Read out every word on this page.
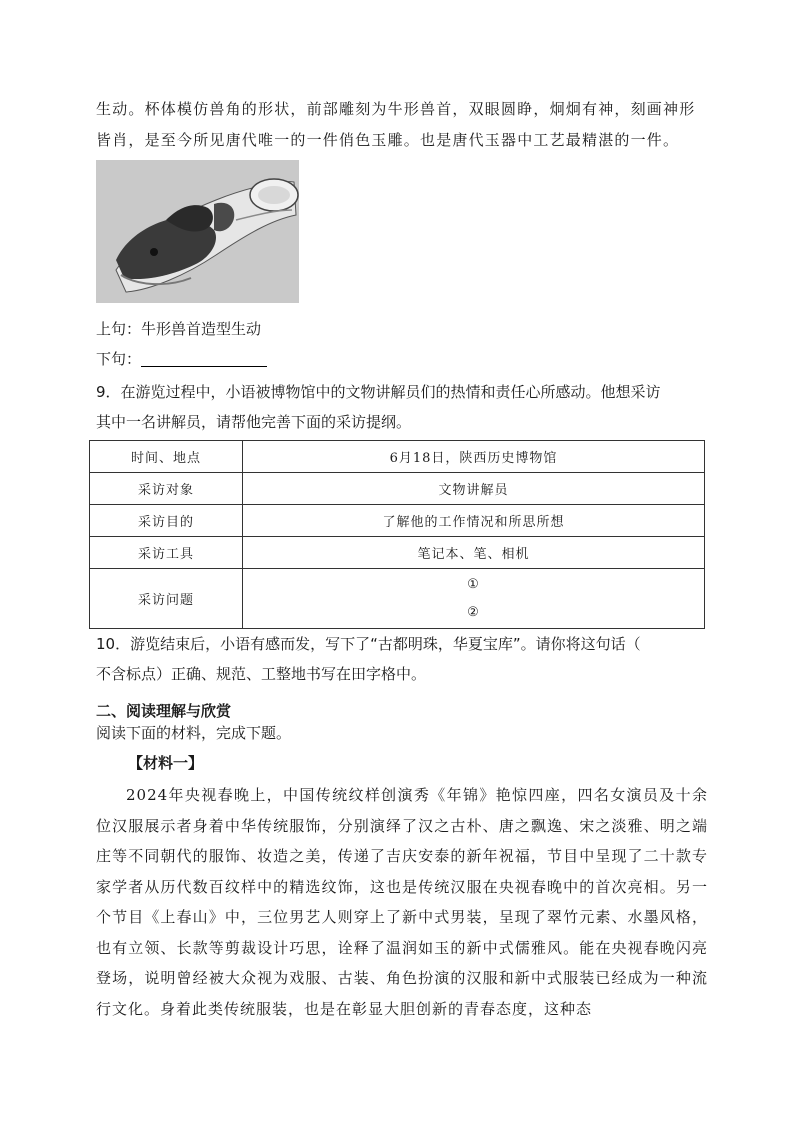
生动。杯体模仿兽角的形状，前部雕刻为牛形兽首，双眼圆睁，炯炯有神，刻画神形
皆肖，是至今所见唐代唯一的一件俏色玉雕。也是唐代玉器中工艺最精湛的一件。
上句：牛形兽首造型生动
下句：
9．在游览过程中，小语被博物馆中的文物讲解员们的热情和责任心所感动。他想采访
其中一名讲解员，请帮他完善下面的采访提纲。
时间、地点	6月18日，陕西历史博物馆
采访对象	文物讲解员
采访目的	了解他的工作情况和所思所想
采访工具	笔记本、笔、相机
采访问题	①
②
10．游览结束后，小语有感而发，写下了“古都明珠，华夏宝库”。请你将这句话（
不含标点）正确、规范、工整地书写在田字格中。
二、阅读理解与欣赏
阅读下面的材料，完成下题。
【材料一】
2024年央视春晚上，中国传统纹样创演秀《年锦》艳惊四座，四名女演员及十余位汉服展示者身着中华传统服饰，分别演绎了汉之古朴、唐之飘逸、宋之淡雅、明之端庄等不同朝代的服饰、妆造之美，传递了吉庆安泰的新年祝福，节目中呈现了二十款专家学者从历代数百纹样中的精选纹饰，这也是传统汉服在央视春晚中的首次亮相。另一个节目《上春山》中，三位男艺人则穿上了新中式男装，呈现了翠竹元素、水墨风格，也有立领、长款等剪裁设计巧思，诠释了温润如玉的新中式儒雅风。能在央视春晚闪亮登场，说明曾经被大众视为戏服、古装、角色扮演的汉服和新中式服装已经成为一种流行文化。身着此类传统服装，也是在彰显大胆创新的青春态度，这种态
